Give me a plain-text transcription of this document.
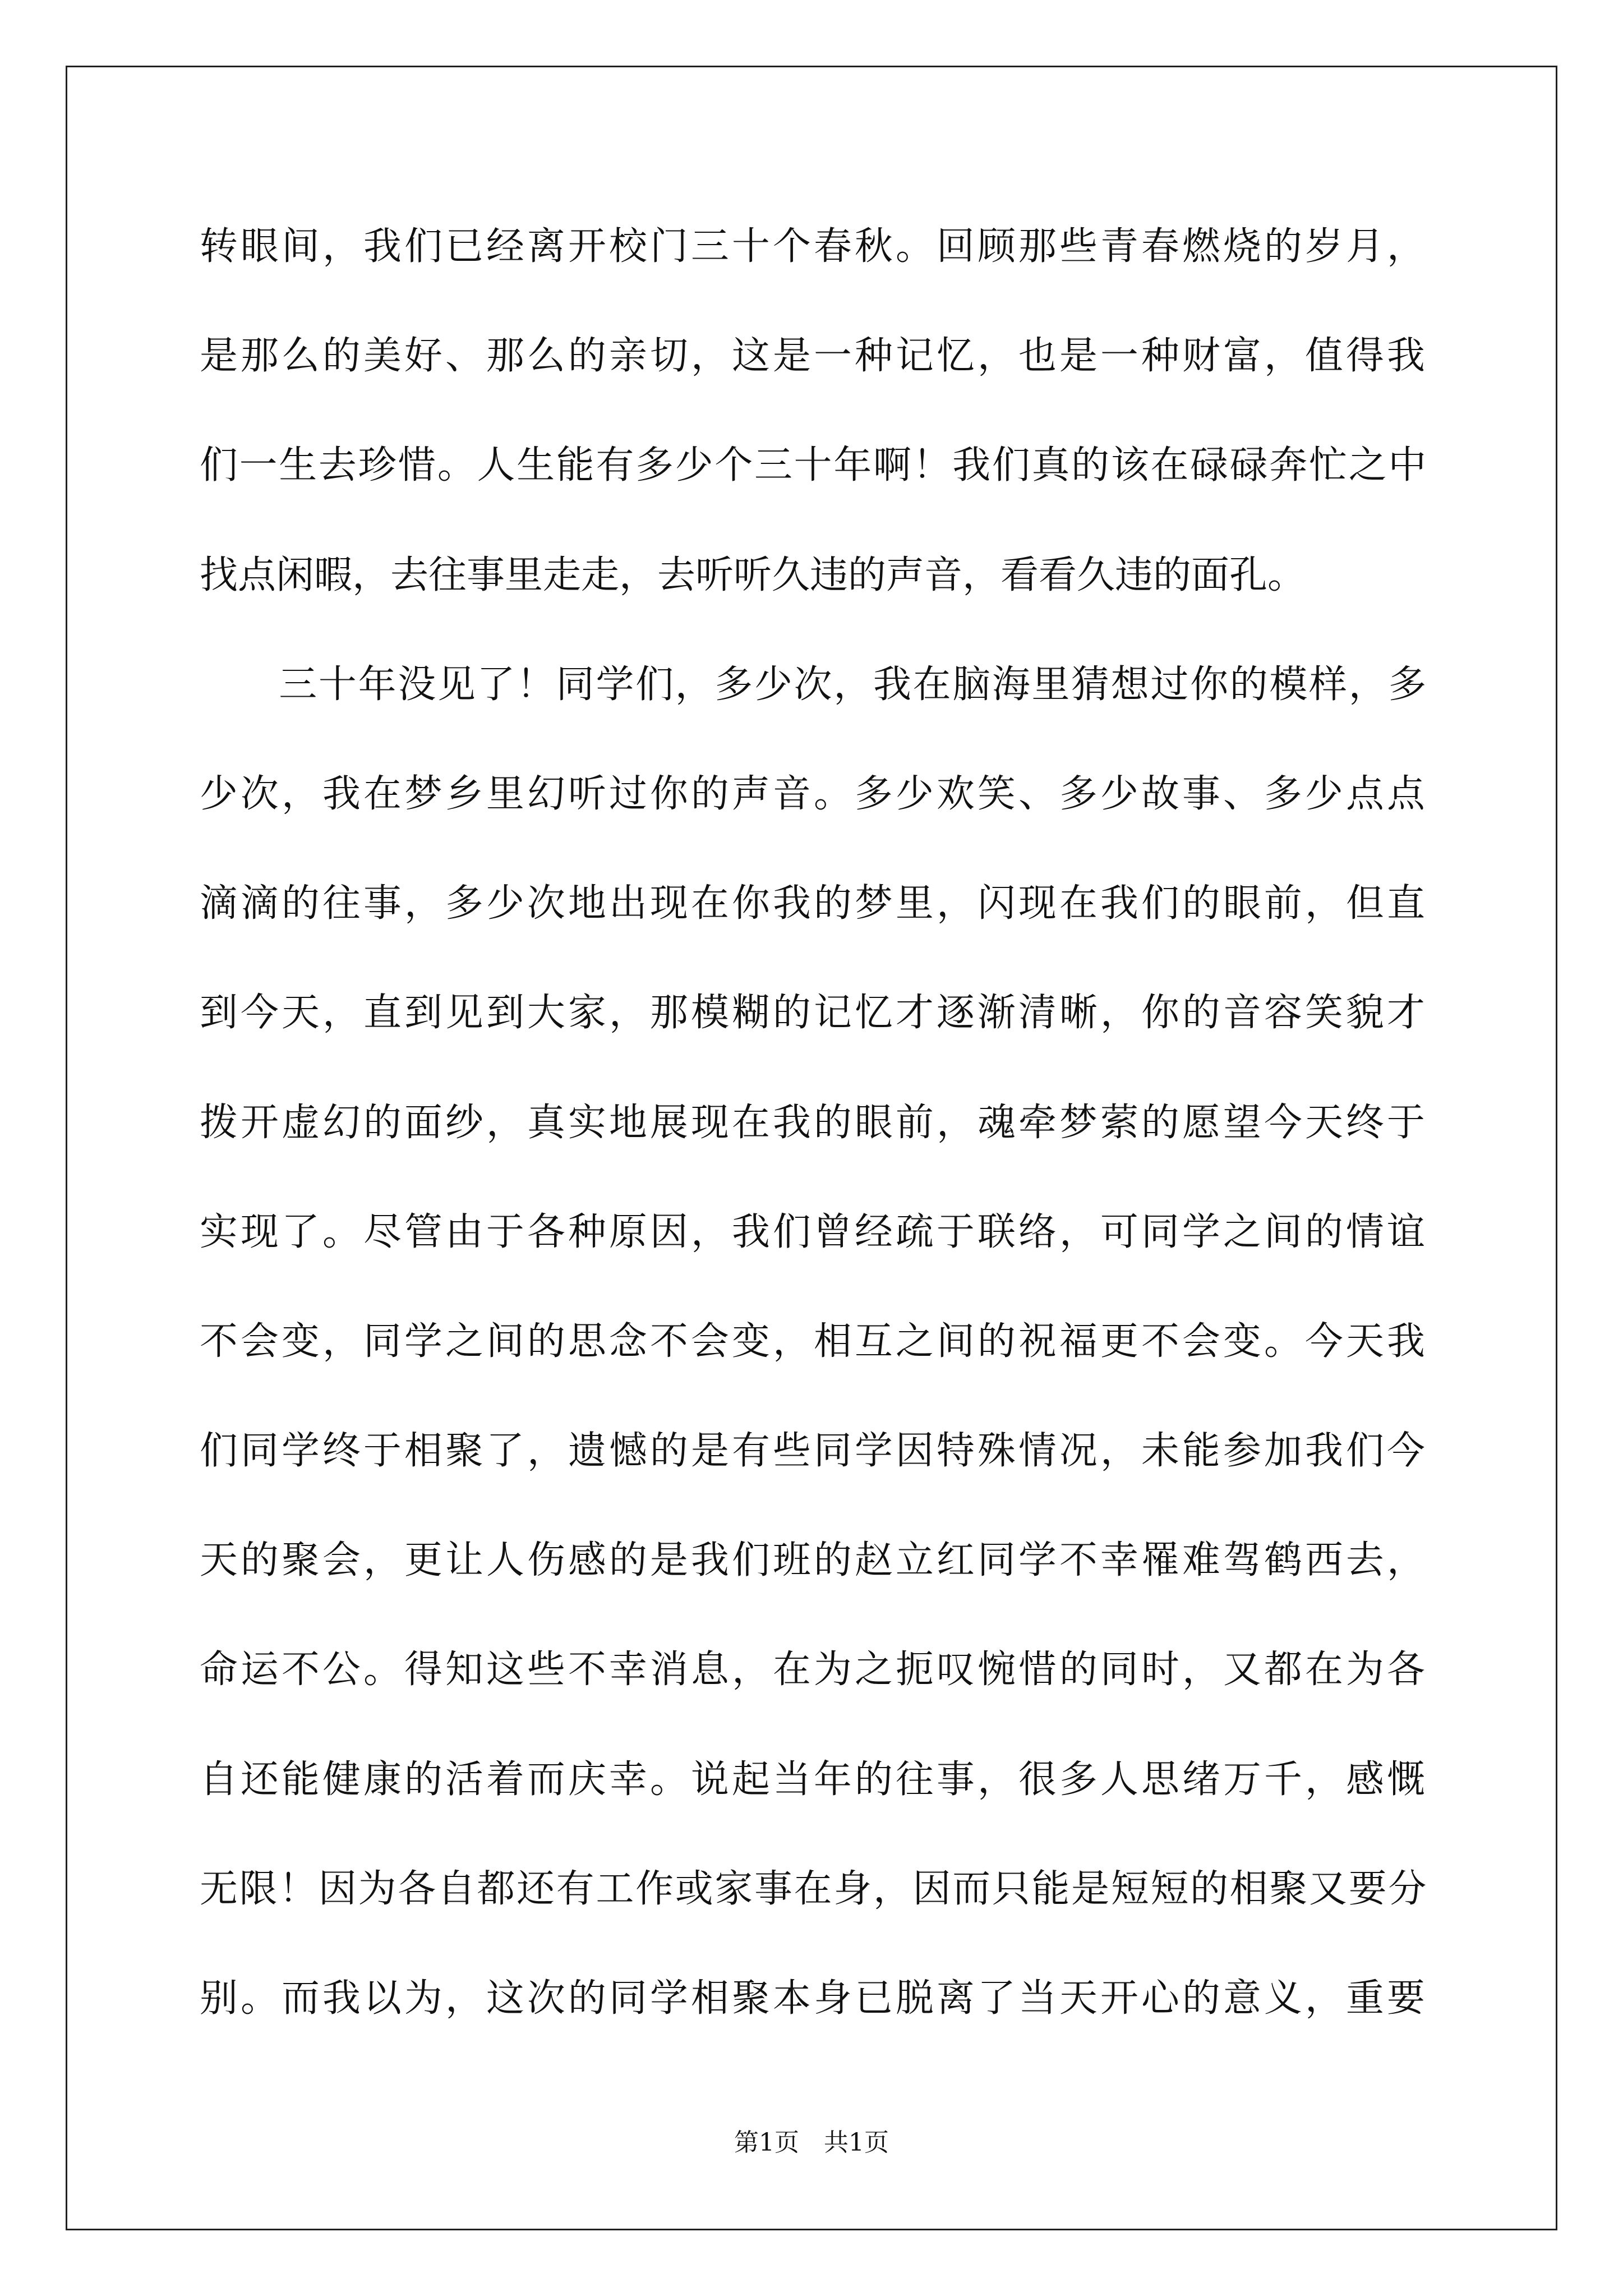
转眼间，我们已经离开校门三十个春秋。回顾那些青春燃烧的岁月，
是那么的美好、那么的亲切，这是一种记忆，也是一种财富，值得我
们一生去珍惜。人生能有多少个三十年啊！我们真的该在碌碌奔忙之中
找点闲暇，去往事里走走，去听听久违的声音，看看久违的面孔。
　　三十年没见了！同学们，多少次，我在脑海里猜想过你的模样，多
少次，我在梦乡里幻听过你的声音。多少欢笑、多少故事、多少点点
滴滴的往事，多少次地出现在你我的梦里，闪现在我们的眼前，但直
到今天，直到见到大家，那模糊的记忆才逐渐清晰，你的音容笑貌才
拨开虚幻的面纱，真实地展现在我的眼前，魂牵梦萦的愿望今天终于
实现了。尽管由于各种原因，我们曾经疏于联络，可同学之间的情谊
不会变，同学之间的思念不会变，相互之间的祝福更不会变。今天我
们同学终于相聚了，遗憾的是有些同学因特殊情况，未能参加我们今
天的聚会，更让人伤感的是我们班的赵立红同学不幸罹难驾鹤西去，
命运不公。得知这些不幸消息，在为之扼叹惋惜的同时，又都在为各
自还能健康的活着而庆幸。说起当年的往事，很多人思绪万千，感慨
无限！因为各自都还有工作或家事在身，因而只能是短短的相聚又要分
别。而我以为，这次的同学相聚本身已脱离了当天开心的意义，重要
第1页　共1页
